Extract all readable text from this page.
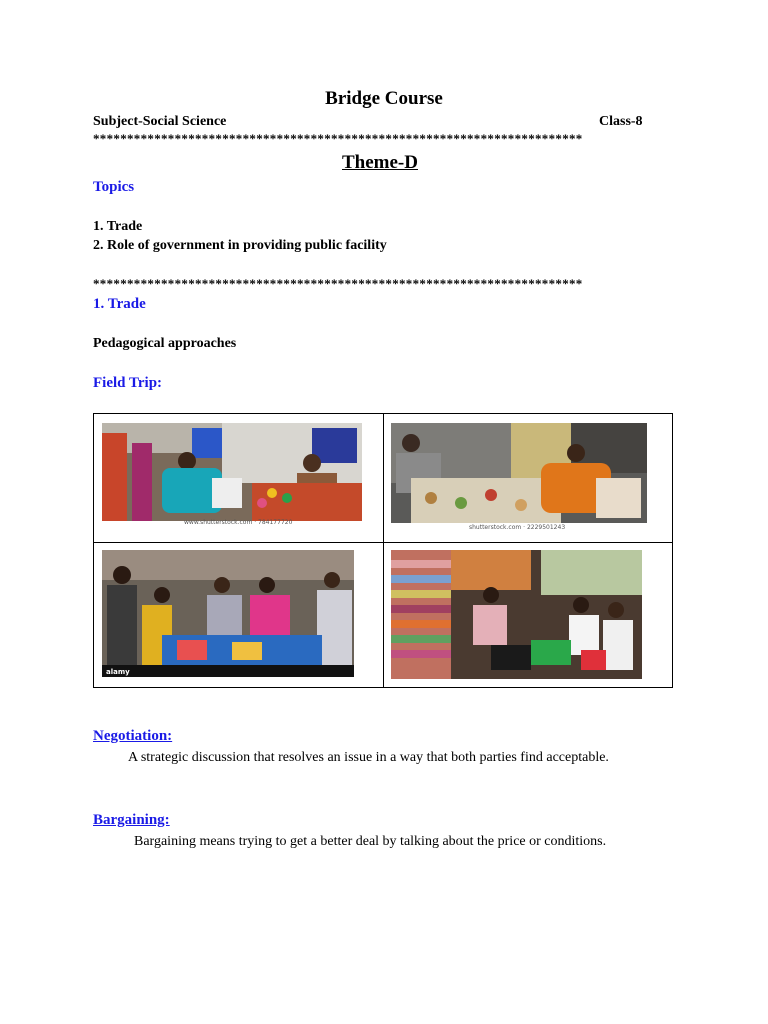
Bridge Course
Subject-Social Science	Class-8
************************************************************************
Theme-D
Topics
1. Trade
2. Role of government in providing public facility
************************************************************************
1. Trade
Pedagogical approaches
Field Trip:
www.shutterstock.com · 784177720
shutterstock.com · 2229501243
alamy
Negotiation:
A strategic discussion that resolves an issue in a way that both parties find acceptable.
Bargaining:
Bargaining means trying to get a better deal by talking about the price or conditions.
